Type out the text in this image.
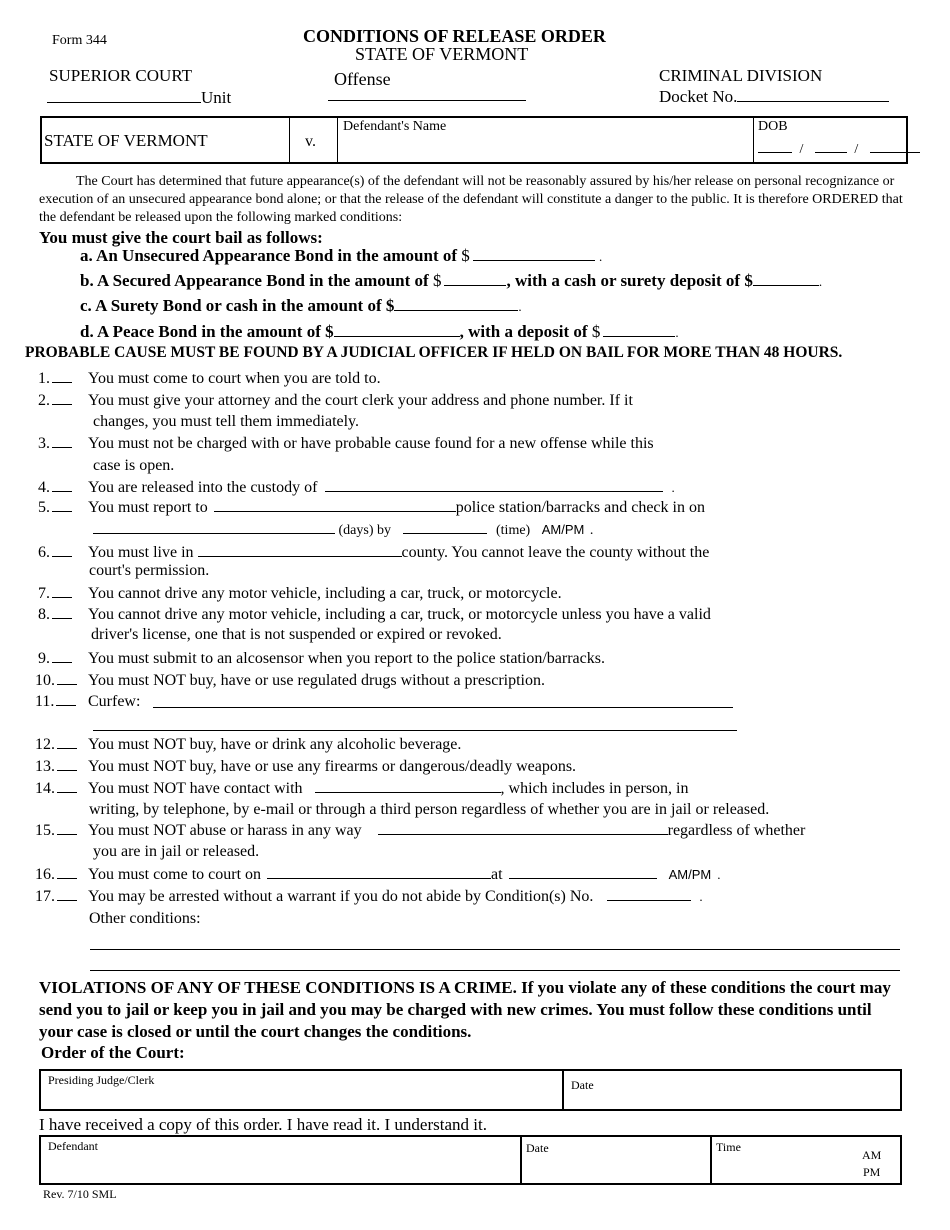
Form 344	CONDITIONS OF RELEASE ORDER
STATE OF VERMONT
SUPERIOR COURT
Unit
Offense	CRIMINAL DIVISION
Docket No.
STATE OF VERMONT	v.
Defendant's Name	DOB
/	/

The Court has determined that future appearance(s) of the defendant will not be reasonably assured by his/her release on personal recognizance or execution of an unsecured appearance bond alone; or that the release of the defendant will constitute a danger to the public. It is therefore ORDERED that the defendant be released upon the following marked conditions:

You must give the court bail as follows:
a. An Unsecured Appearance Bond in the amount of $	.
b. A Secured Appearance Bond in the amount of $	, with a cash or surety deposit of $	.
c. A Surety Bond or cash in the amount of $	.
d. A Peace Bond in the amount of $	, with a deposit of $	.
PROBABLE CAUSE MUST BE FOUND BY A JUDICIAL OFFICER IF HELD ON BAIL FOR MORE THAN 48 HOURS.
1. You must come to court when you are told to.
2. You must give your attorney and the court clerk your address and phone number. If it
changes, you must tell them immediately.
3. You must not be charged with or have probable cause found for a new offense while this
case is open.
4. You are released into the custody of	.
5. You must report to	police station/barracks and check in on
(days) by	(time) AM/PM .
6. You must live in	county. You cannot leave the county without the
court's permission.
7. You cannot drive any motor vehicle, including a car, truck, or motorcycle.
8. You cannot drive any motor vehicle, including a car, truck, or motorcycle unless you have a valid
driver's license, one that is not suspended or expired or revoked.
9. You must submit to an alcosensor when you report to the police station/barracks.
10. You must NOT buy, have or use regulated drugs without a prescription.
11. Curfew:
12. You must NOT buy, have or drink any alcoholic beverage.
13. You must NOT buy, have or use any firearms or dangerous/deadly weapons.
14. You must NOT have contact with	, which includes in person, in
writing, by telephone, by e-mail or through a third person regardless of whether you are in jail or released.
15. You must NOT abuse or harass in any way	regardless of whether
you are in jail or released.
16. You must come to court on	at	AM/PM .
17. You may be arrested without a warrant if you do not abide by Condition(s) No.	.
Other conditions:

VIOLATIONS OF ANY OF THESE CONDITIONS IS A CRIME. If you violate any of these conditions the court may send you to jail or keep you in jail and you may be charged with new crimes. You must follow these conditions until your case is closed or until the court changes the conditions.

Order of the Court:
Presiding Judge/Clerk	Date
I have received a copy of this order. I have read it. I understand it.
Defendant	Date	Time
AM
PM
Rev. 7/10 SML
